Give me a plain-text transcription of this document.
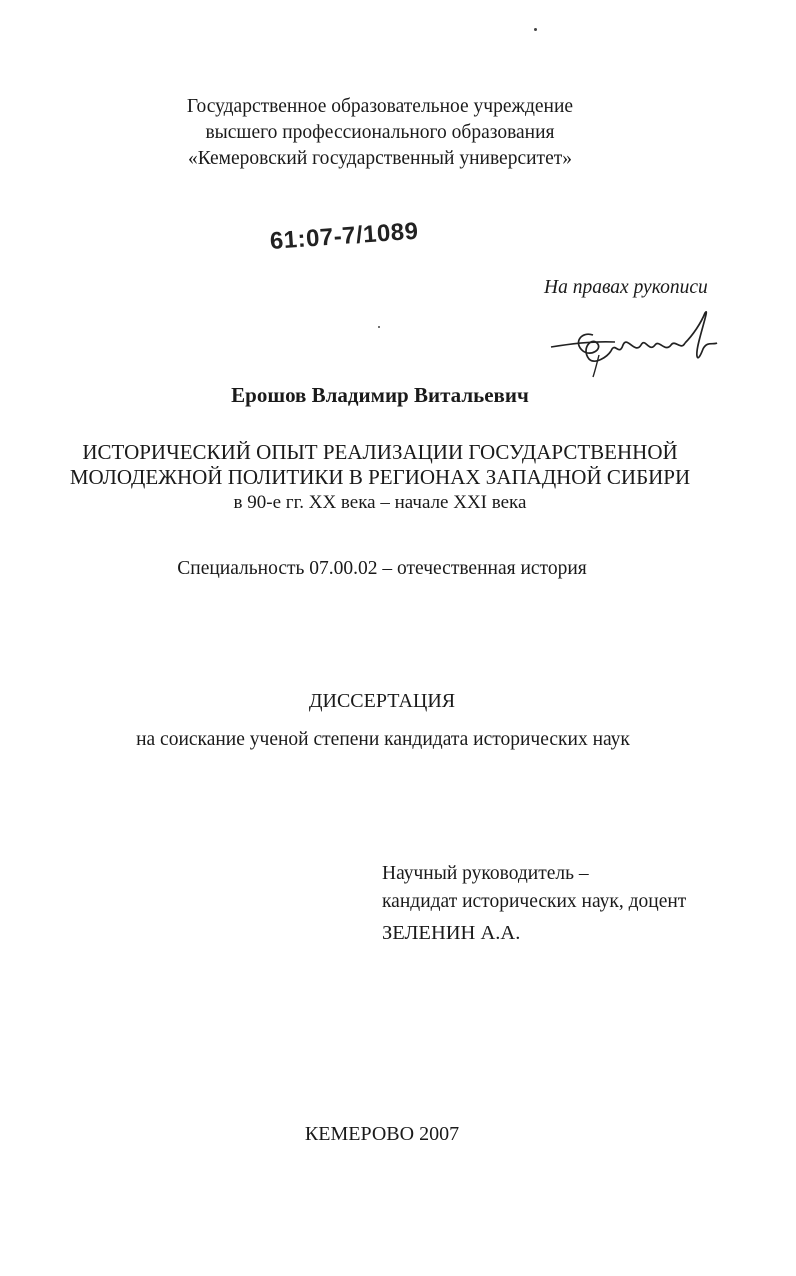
Государственное образовательное учреждение
высшего профессионального образования
«Кемеровский государственный университет»
61:07-7/1089
На правах рукописи
Ерошов Владимир Витальевич
ИСТОРИЧЕСКИЙ ОПЫТ РЕАЛИЗАЦИИ ГОСУДАРСТВЕННОЙ
МОЛОДЕЖНОЙ ПОЛИТИКИ В РЕГИОНАХ ЗАПАДНОЙ СИБИРИ
в 90-е гг. XX века – начале XXI века
Специальность 07.00.02 – отечественная история
ДИССЕРТАЦИЯ
на соискание ученой степени кандидата исторических наук
Научный руководитель –
кандидат исторических наук, доцент
ЗЕЛЕНИН А.А.
КЕМЕРОВО 2007
